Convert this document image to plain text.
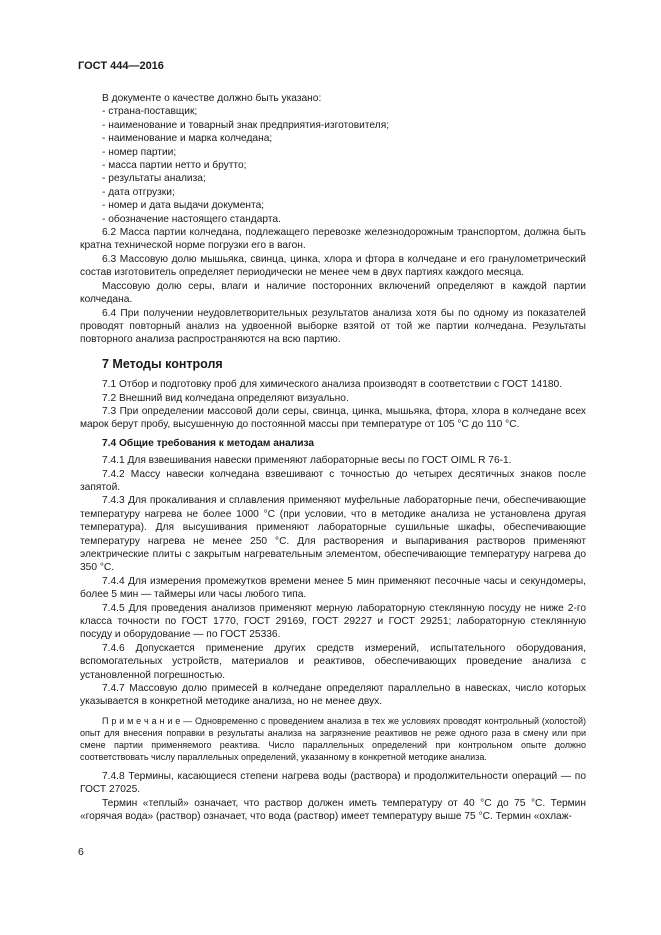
ГОСТ 444—2016
В документе о качестве должно быть указано:
- страна-поставщик;
- наименование и товарный знак предприятия-изготовителя;
- наименование и марка колчедана;
- номер партии;
- масса партии нетто и брутто;
- результаты анализа;
- дата отгрузки;
- номер и дата выдачи документа;
- обозначение настоящего стандарта.

6.2 Масса партии колчедана, подлежащего перевозке железнодорожным транспортом, должна быть кратна технической норме погрузки его в вагон.

6.3 Массовую долю мышьяка, свинца, цинка, хлора и фтора в колчедане и его гранулометрический состав изготовитель определяет периодически не менее чем в двух партиях каждого месяца.

Массовую долю серы, влаги и наличие посторонних включений определяют в каждой партии колчедана.

6.4 При получении неудовлетворительных результатов анализа хотя бы по одному из показателей проводят повторный анализ на удвоенной выборке взятой от той же партии колчедана. Результаты повторного анализа распространяются на всю партию.

7 Методы контроля

7.1 Отбор и подготовку проб для химического анализа производят в соответствии с ГОСТ 14180.

7.2 Внешний вид колчедана определяют визуально.

7.3 При определении массовой доли серы, свинца, цинка, мышьяка, фтора, хлора в колчедане всех марок берут пробу, высушенную до постоянной массы при температуре от 105 °С до 110 °С.

7.4 Общие требования к методам анализа

7.4.1 Для взвешивания навески применяют лабораторные весы по ГОСТ OIML R 76-1.

7.4.2 Массу навески колчедана взвешивают с точностью до четырех десятичных знаков после запятой.

7.4.3 Для прокаливания и сплавления применяют муфельные лабораторные печи, обеспечивающие температуру нагрева не более 1000 °С (при условии, что в методике анализа не установлена другая температура). Для высушивания применяют лабораторные сушильные шкафы, обеспечивающие температуру нагрева не менее 250 °С. Для растворения и выпаривания растворов применяют электрические плиты с закрытым нагревательным элементом, обеспечивающие температуру нагрева до 350 °С.

7.4.4 Для измерения промежутков времени менее 5 мин применяют песочные часы и секундомеры, более 5 мин — таймеры или часы любого типа.

7.4.5 Для проведения анализов применяют мерную лабораторную стеклянную посуду не ниже 2-го класса точности по ГОСТ 1770, ГОСТ 29169, ГОСТ 29227 и ГОСТ 29251; лабораторную стеклянную посуду и оборудование — по ГОСТ 25336.

7.4.6 Допускается применение других средств измерений, испытательного оборудования, вспомогательных устройств, материалов и реактивов, обеспечивающих проведение анализа с установленной погрешностью.

7.4.7 Массовую долю примесей в колчедане определяют параллельно в навесках, число которых указывается в конкретной методике анализа, но не менее двух.

П р и м е ч а н и е — Одновременно с проведением анализа в тех же условиях проводят контрольный (холостой) опыт для внесения поправки в результаты анализа на загрязнение реактивов не реже одного раза в смену или при смене партии применяемого реактива. Число параллельных определений при контрольном опыте должно соответствовать числу параллельных определений, указанному в конкретной методике анализа.

7.4.8 Термины, касающиеся степени нагрева воды (раствора) и продолжительности операций — по ГОСТ 27025.

Термин «теплый» означает, что раствор должен иметь температуру от 40 °С до 75 °С. Термин «горячая вода» (раствор) означает, что вода (раствор) имеет температуру выше 75 °С. Термин «охлаж-

6
